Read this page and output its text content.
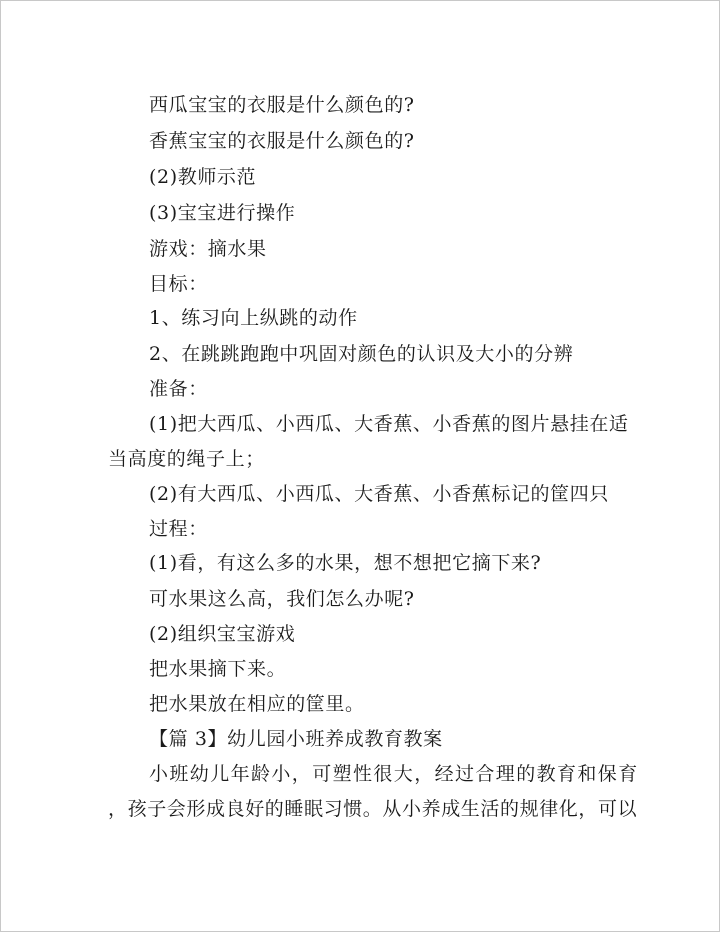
西瓜宝宝的衣服是什么颜色的?

香蕉宝宝的衣服是什么颜色的?

(2)教师示范

(3)宝宝进行操作

游戏：摘水果

目标：

1、练习向上纵跳的动作

2、在跳跳跑跑中巩固对颜色的认识及大小的分辨

准备：

(1)把大西瓜、小西瓜、大香蕉、小香蕉的图片悬挂在适

当高度的绳子上；

(2)有大西瓜、小西瓜、大香蕉、小香蕉标记的筐四只

过程：

(1)看，有这么多的水果，想不想把它摘下来?

可水果这么高，我们怎么办呢?

(2)组织宝宝游戏

把水果摘下来。

把水果放在相应的筐里。

【篇 3】幼儿园小班养成教育教案

小班幼儿年龄小，可塑性很大，经过合理的教育和保育

，孩子会形成良好的睡眠习惯。从小养成生活的规律化，可以
